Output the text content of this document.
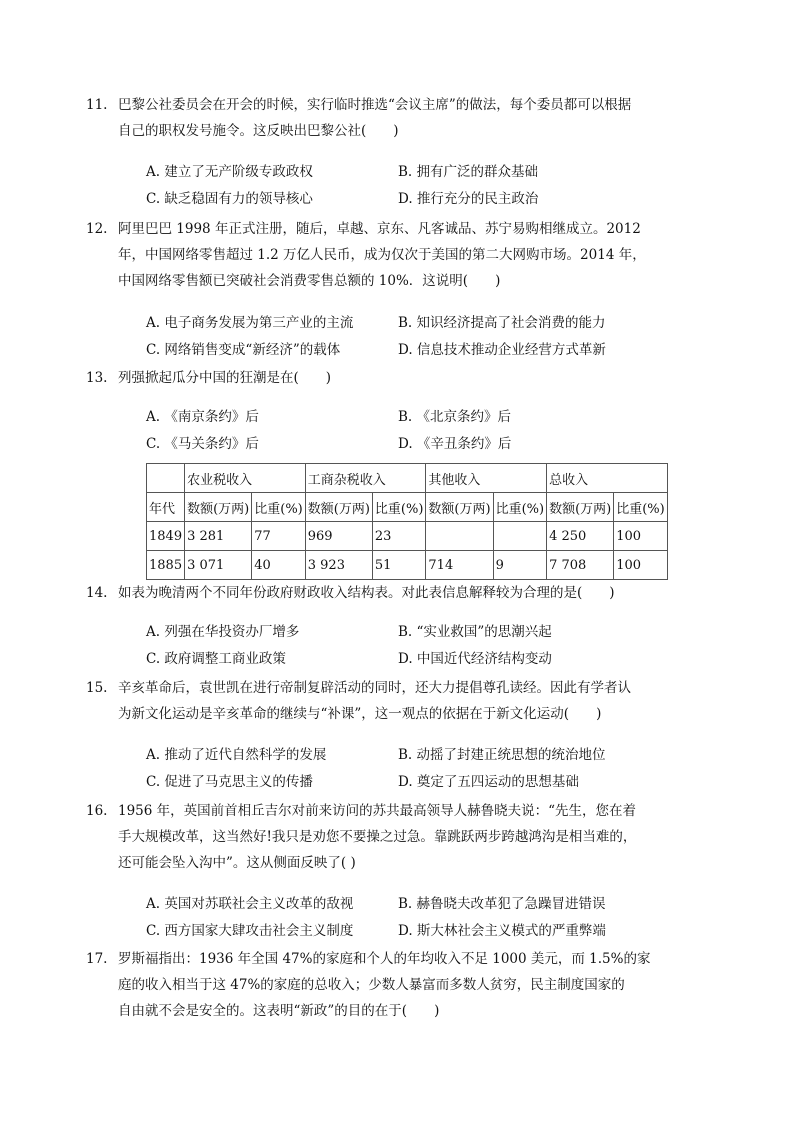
11. 巴黎公社委员会在开会的时候，实行临时推选“会议主席”的做法，每个委员都可以根据
自己的职权发号施令。这反映出巴黎公社(　　)
A. 建立了无产阶级专政政权	B. 拥有广泛的群众基础
C. 缺乏稳固有力的领导核心	D. 推行充分的民主政治
12. 阿里巴巴 1998 年正式注册，随后，卓越、京东、凡客诚品、苏宁易购相继成立。2012
年，中国网络零售超过 1.2 万亿人民币，成为仅次于美国的第二大网购市场。2014 年，
中国网络零售额已突破社会消费零售总额的 10%．这说明(　　)
A. 电子商务发展为第三产业的主流	B. 知识经济提高了社会消费的能力
C. 网络销售变成“新经济”的载体	D. 信息技术推动企业经营方式革新
13. 列强掀起瓜分中国的狂潮是在(　　)
A. 《南京条约》后	B. 《北京条约》后
C. 《马关条约》后	D. 《辛丑条约》后
	农业税收入		工商杂税收入		其他收入		总收入	
年代	数额(万两)	比重(%)	数额(万两)	比重(%)	数额(万两)	比重(%)	数额(万两)	比重(%)
1849	3 281	77	969	23			4 250	100
1885	3 071	40	3 923	51	714	9	7 708	100
14. 如表为晚清两个不同年份政府财政收入结构表。对此表信息解释较为合理的是(　　)
A. 列强在华投资办厂增多	B. “实业救国”的思潮兴起
C. 政府调整工商业政策	D. 中国近代经济结构变动
15. 辛亥革命后，袁世凯在进行帝制复辟活动的同时，还大力提倡尊孔读经。因此有学者认
为新文化运动是辛亥革命的继续与“补课”，这一观点的依据在于新文化运动(　　)
A. 推动了近代自然科学的发展	B. 动摇了封建正统思想的统治地位
C. 促进了马克思主义的传播	D. 奠定了五四运动的思想基础
16. 1956 年，英国前首相丘吉尔对前来访问的苏共最高领导人赫鲁晓夫说：“先生，您在着
手大规模改革，这当然好!我只是劝您不要操之过急。靠跳跃两步跨越鸿沟是相当难的，
还可能会坠入沟中”。这从侧面反映了( )
A. 英国对苏联社会主义改革的敌视	B. 赫鲁晓夫改革犯了急躁冒进错误
C. 西方国家大肆攻击社会主义制度	D. 斯大林社会主义模式的严重弊端
17. 罗斯福指出：1936 年全国 47%的家庭和个人的年均收入不足 1000 美元，而 1.5%的家
庭的收入相当于这 47%的家庭的总收入；少数人暴富而多数人贫穷，民主制度国家的
自由就不会是安全的。这表明“新政”的目的在于(　　)
